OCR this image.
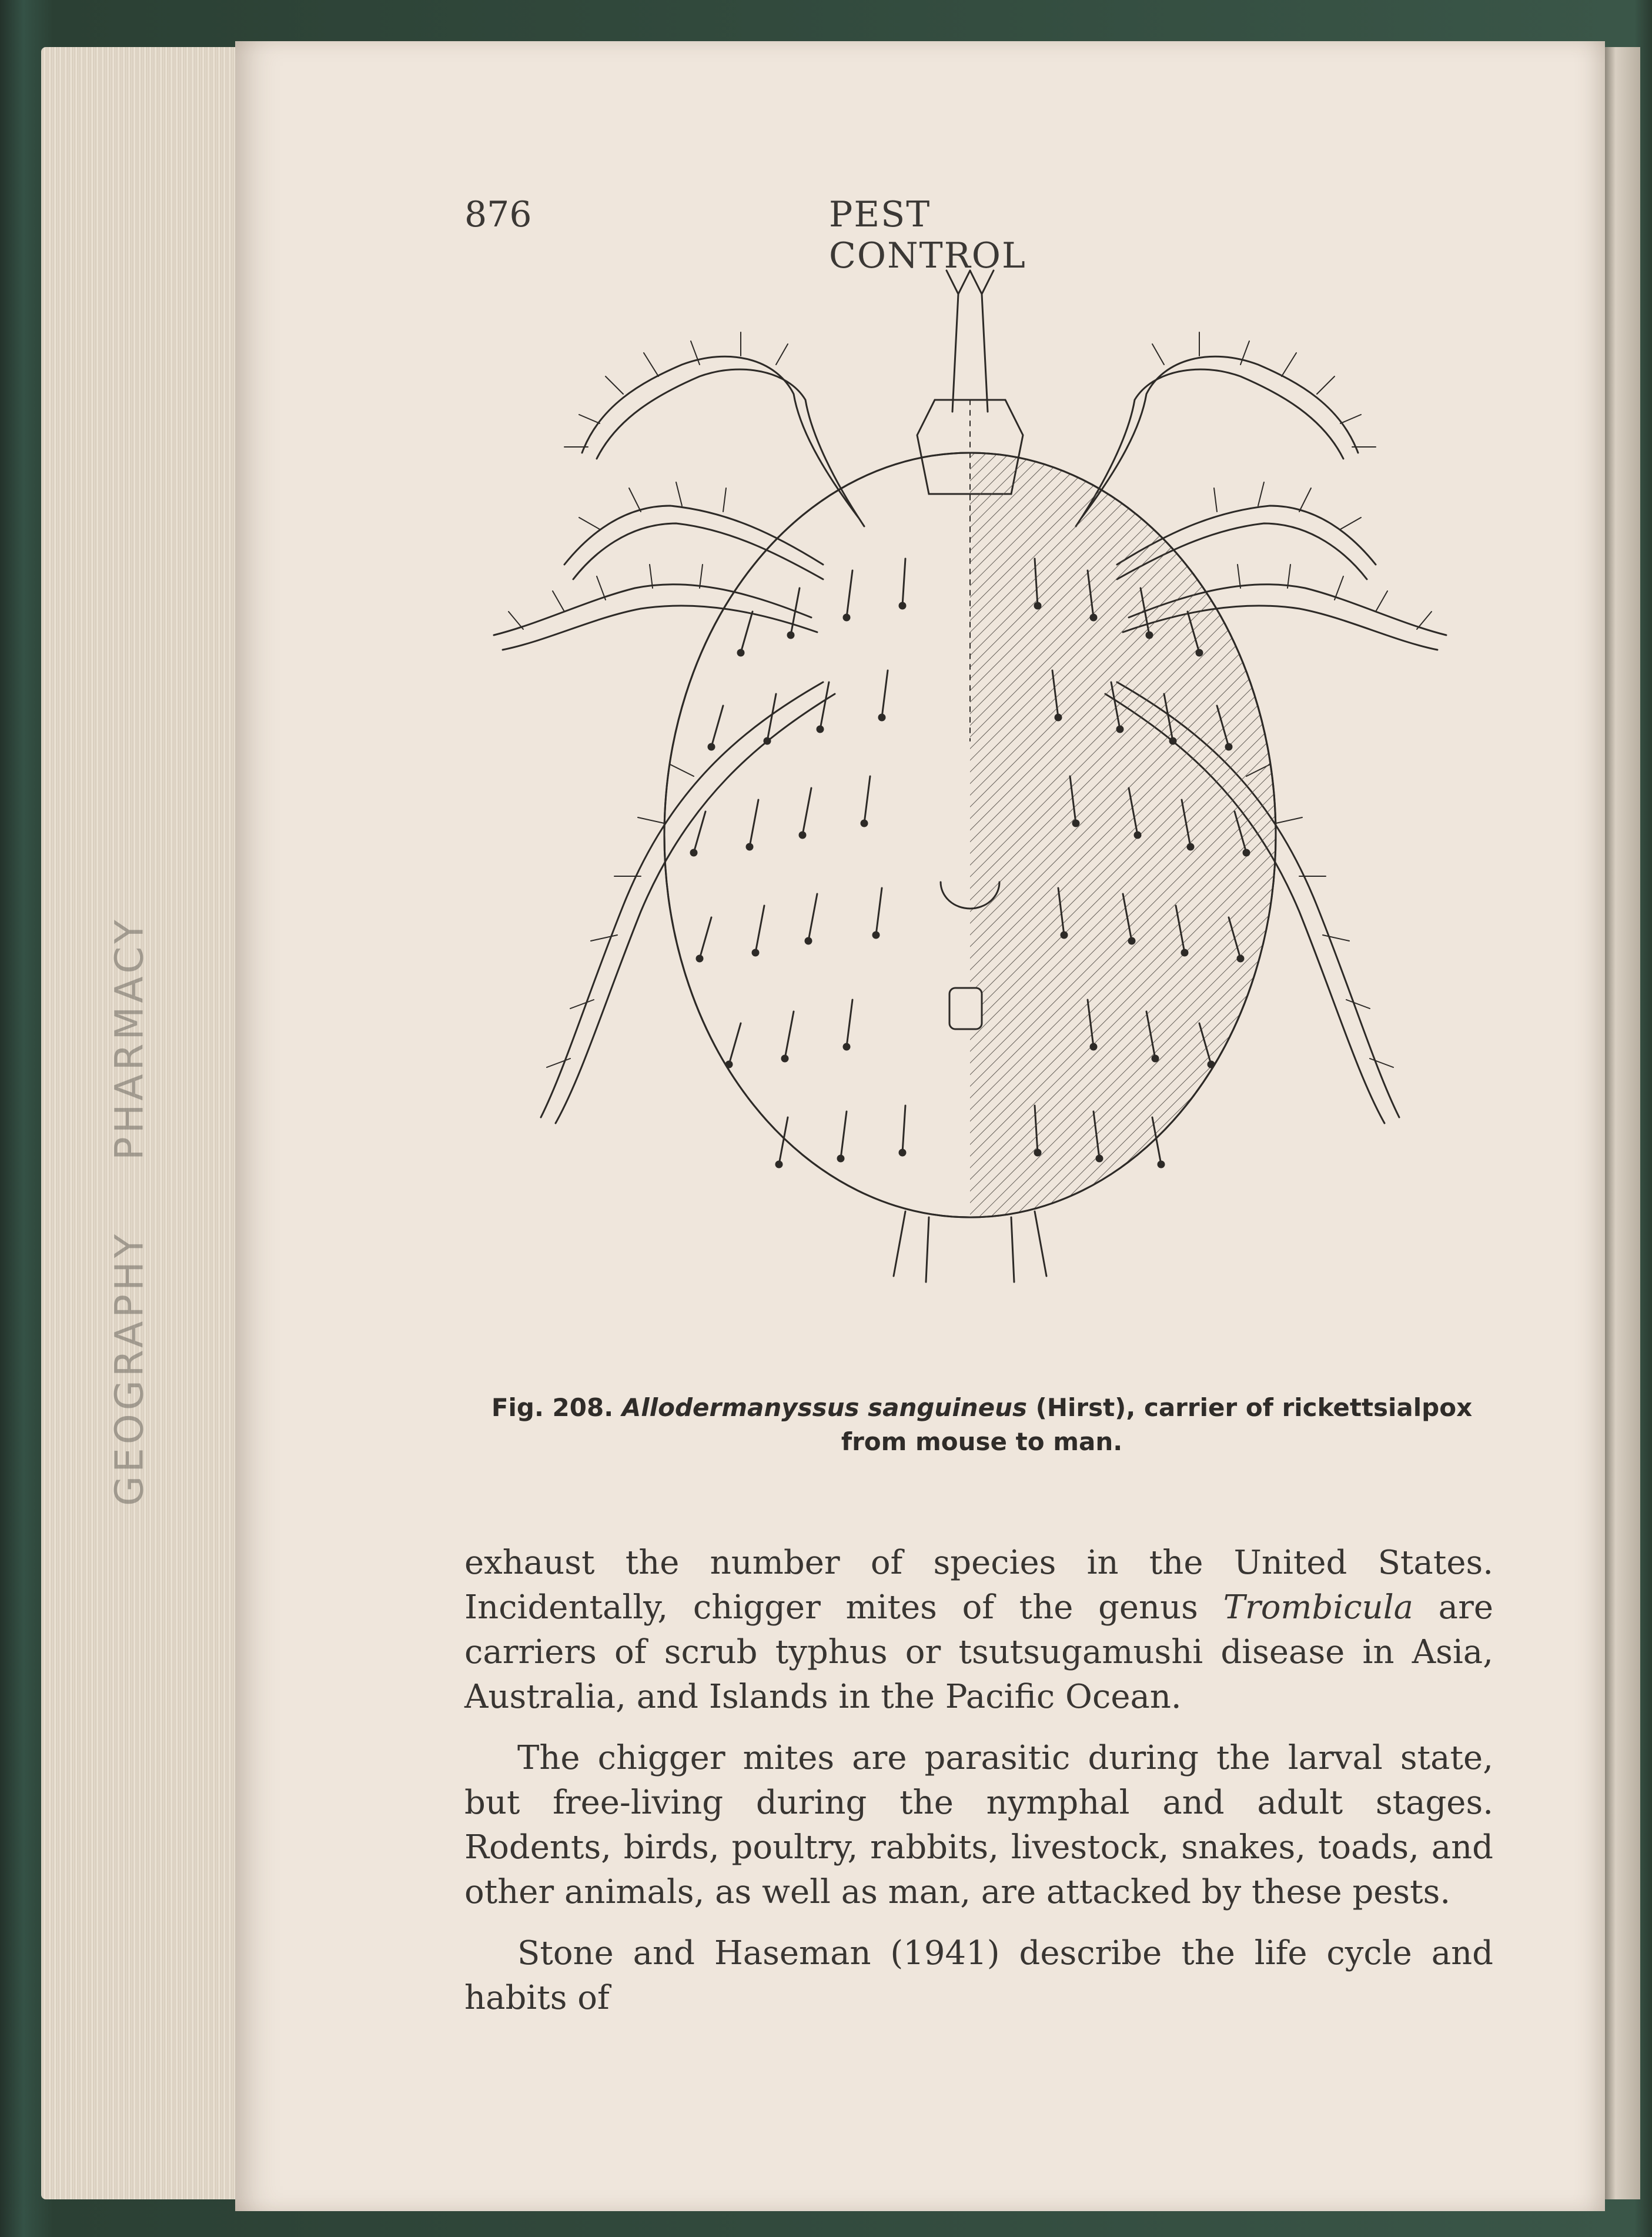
GEOGRAPHY
PHARMACY
876	PEST CONTROL
Fig. 208. Allodermanyssus sanguineus (Hirst), carrier of rickettsialpox
from mouse to man.

exhaust the number of species in the United States. Incidentally, chigger mites of the genus Trombicula are carriers of scrub typhus or tsutsugamushi disease in Asia, Australia, and Islands in the Pacific Ocean.

The chigger mites are parasitic during the larval state, but free-living during the nymphal and adult stages. Rodents, birds, poultry, rabbits, livestock, snakes, toads, and other animals, as well as man, are attacked by these pests.

Stone and Haseman (1941) describe the life cycle and habits of
